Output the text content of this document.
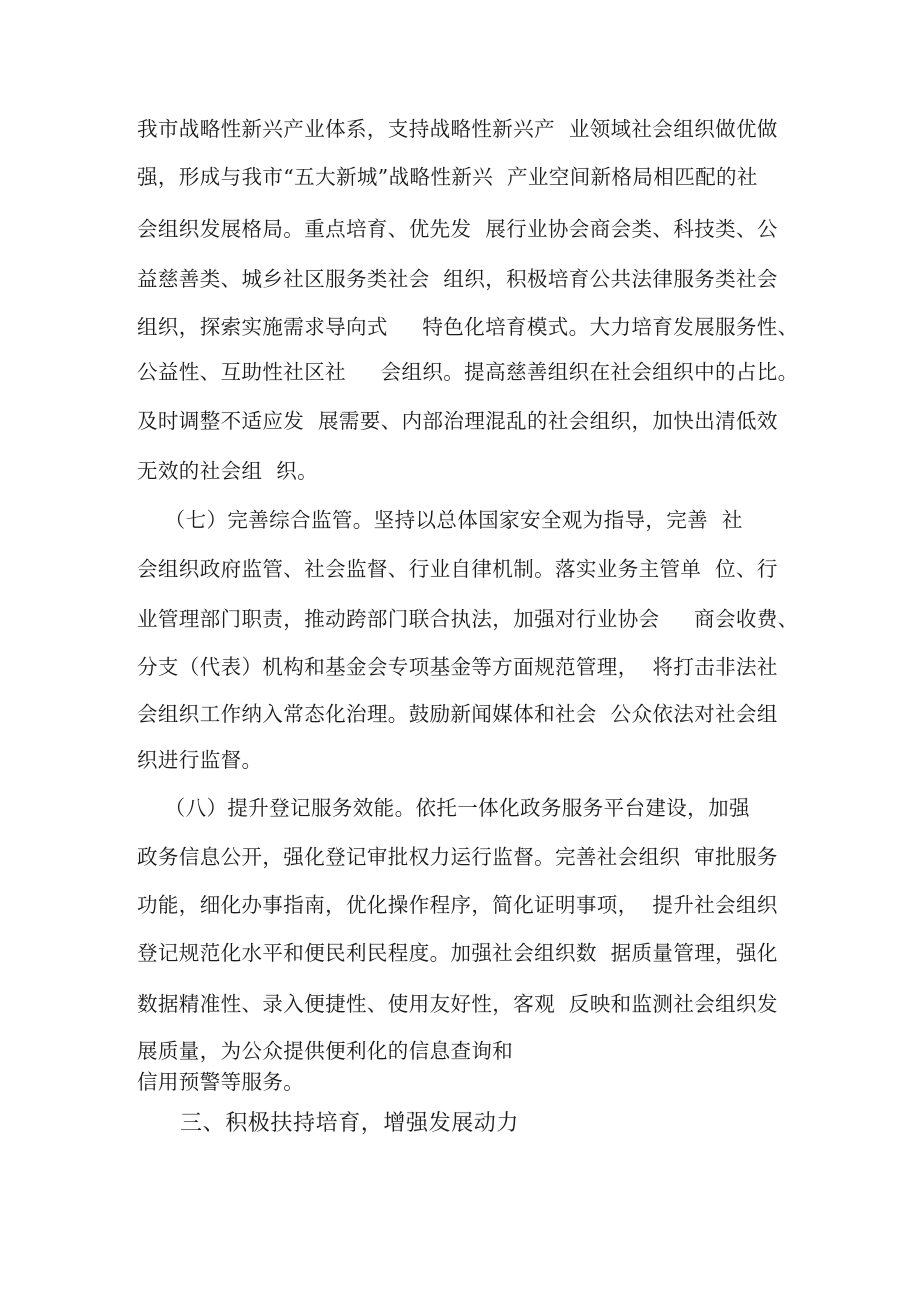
我市战略性新兴产业体系，支持战略性新兴产  业领域社会组织做优做
强，形成与我市“五大新城”战略性新兴  产业空间新格局相匹配的社
会组织发展格局。重点培育、优先发  展行业协会商会类、科技类、公
益慈善类、城乡社区服务类社会  组织，积极培育公共法律服务类社会
组织，探索实施需求导向式     特色化培育模式。大力培育发展服务性、
公益性、互助性社区社     会组织。提高慈善组织在社会组织中的占比。
及时调整不适应发  展需要、内部治理混乱的社会组织，加快出清低效
无效的社会组  织。
（七）完善综合监管。坚持以总体国家安全观为指导，完善  社
会组织政府监管、社会监督、行业自律机制。落实业务主管单  位、行
业管理部门职责，推动跨部门联合执法，加强对行业协会     商会收费、
分支（代表）机构和基金会专项基金等方面规范管理，  将打击非法社
会组织工作纳入常态化治理。鼓励新闻媒体和社会  公众依法对社会组
织进行监督。
（八）提升登记服务效能。依托一体化政务服务平台建设，加强
政务信息公开，强化登记审批权力运行监督。完善社会组织  审批服务
功能，细化办事指南，优化操作程序，简化证明事项，  提升社会组织
登记规范化水平和便民利民程度。加强社会组织数  据质量管理，强化
数据精准性、录入便捷性、使用友好性，客观  反映和监测社会组织发
展质量，为公众提供便利化的信息查询和
信用预警等服务。
三、积极扶持培育，增强发展动力
